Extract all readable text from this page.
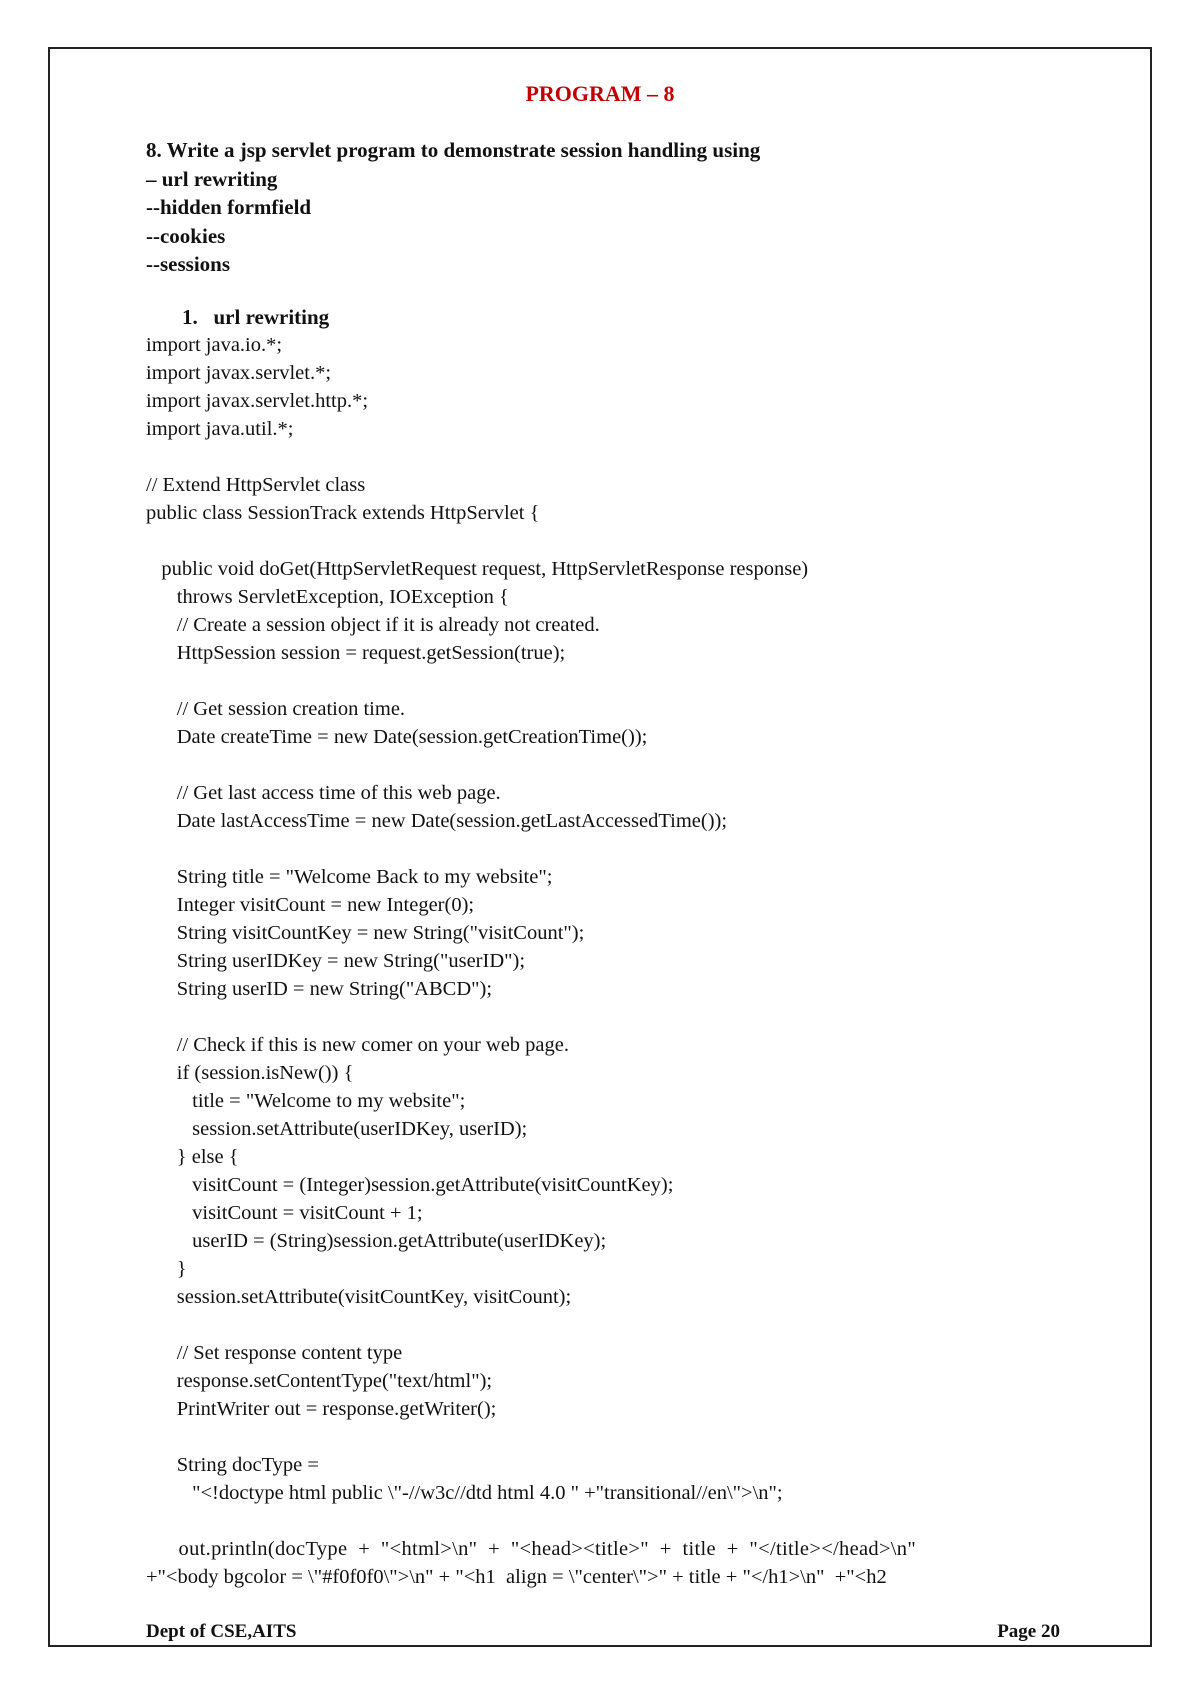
PROGRAM – 8
8. Write a jsp servlet program to demonstrate session handling using
– url rewriting
--hidden formfield
--cookies
--sessions
1.   url rewriting
import java.io.*;
import javax.servlet.*;
import javax.servlet.http.*;
import java.util.*;

// Extend HttpServlet class
public class SessionTrack extends HttpServlet {

public void doGet(HttpServletRequest request, HttpServletResponse response)
throws ServletException, IOException {
// Create a session object if it is already not created.
HttpSession session = request.getSession(true);

// Get session creation time.
Date createTime = new Date(session.getCreationTime());

// Get last access time of this web page.
Date lastAccessTime = new Date(session.getLastAccessedTime());

String title = "Welcome Back to my website";
Integer visitCount = new Integer(0);
String visitCountKey = new String("visitCount");
String userIDKey = new String("userID");
String userID = new String("ABCD");

// Check if this is new comer on your web page.
if (session.isNew()) {
title = "Welcome to my website";
session.setAttribute(userIDKey, userID);
} else {
visitCount = (Integer)session.getAttribute(visitCountKey);
visitCount = visitCount + 1;
userID = (String)session.getAttribute(userIDKey);
}
session.setAttribute(visitCountKey, visitCount);

// Set response content type
response.setContentType("text/html");
PrintWriter out = response.getWriter();

String docType =
"<!doctype html public \"-//w3c//dtd html 4.0 " +"transitional//en\">\n";

out.println(docType  +  "<html>\n"  +  "<head><title>"  +  title  +  "</title></head>\n"
+"<body bgcolor = \"#f0f0f0\">\n" + "<h1  align = \"center\">" + title + "</h1>\n"  +"<h2
Dept of CSE,AITS	Page 20
